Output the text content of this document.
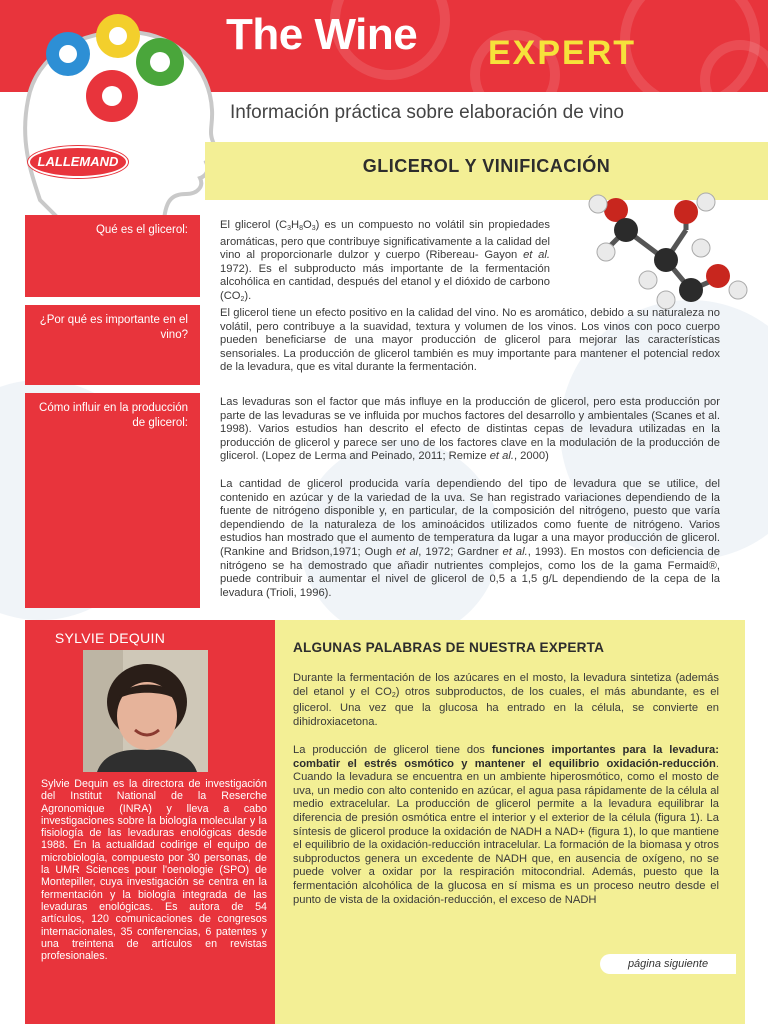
The Wine EXPERT
Información práctica sobre elaboración de vino
GLICEROL Y VINIFICACIÓN
LALLEMAND
Qué es el glicerol:
¿Por qué es importante en el vino?
Cómo influir en la producción de glicerol:
El glicerol $(C_3H_8O_3)$ es un compuesto no volátil sin propiedades aromáticas, pero que contribuye significativamente a la calidad del vino al proporcionarle dulzor y cuerpo (Ribereau- Gayon et al. 1972). Es el subproducto más importante de la fermentación alcohólica en cantidad, después del etanol y el dióxido de carbono $(CO_2)$.
El glicerol tiene un efecto positivo en la calidad del vino. No es aromático, debido a su naturaleza no volátil, pero contribuye a la suavidad, textura y volumen de los vinos. Los vinos con poco cuerpo pueden beneficiarse de una mayor producción de glicerol para mejorar las características sensoriales. La producción de glicerol también es muy importante para mantener el potencial redox de la levadura, que es vital durante la fermentación.
Las levaduras son el factor que más influye en la producción de glicerol, pero esta producción por parte de las levaduras se ve influida por muchos factores del desarrollo y ambientales (Scanes et al. 1998). Varios estudios han descrito el efecto de distintas cepas de levadura utilizadas en la producción de glicerol y parece ser uno de los factores clave en la modulación de la producción de glicerol. (Lopez de Lerma and Peinado, 2011; Remize et al., 2000)
La cantidad de glicerol producida varía dependiendo del tipo de levadura que se utilice, del contenido en azúcar y de la variedad de la uva. Se han registrado variaciones dependiendo de la fuente de nitrógeno disponible y, en particular, de la composición del nitrógeno, puesto que varía dependiendo de la naturaleza de los aminoácidos utilizados como fuente de nitrógeno. Varios estudios han mostrado que el aumento de temperatura da lugar a una mayor producción de glicerol. (Rankine and Bridson,1971; Ough et al, 1972; Gardner et al., 1993). En mostos con deficiencia de nitrógeno se ha demostrado que añadir nutrientes complejos, como los de la gama Fermaid®, puede contribuir a aumentar el nivel de glicerol de 0,5 a 1,5 g/L dependiendo de la cepa de la levadura (Trioli, 1996).
SYLVIE DEQUIN
Sylvie Dequin es la directora de investigación del Institut National de la Reserche Agronomique (INRA) y lleva a cabo investigaciones sobre la biología molecular y la fisiología de las levaduras enológicas desde 1988. En la actualidad codirige el equipo de microbiología, compuesto por 30 personas, de la UMR Sciences pour l'oenologie (SPO) de Montepiller, cuya investigación se centra en la fermentación y la biología integrada de las levaduras enológicas. Es autora de 54 artículos, 120 comunicaciones de congresos internacionales, 35 conferencias, 6 patentes y una treintena de artículos en revistas profesionales.
ALGUNAS PALABRAS DE NUESTRA EXPERTA
Durante la fermentación de los azúcares en el mosto, la levadura sintetiza (además del etanol y el $CO_2$) otros subproductos, de los cuales, el más abundante, es el glicerol. Una vez que la glucosa ha entrado en la célula, se convierte en dihidroxiacetona.
La producción de glicerol tiene dos funciones importantes para la levadura: combatir el estrés osmótico y mantener el equilibrio oxidación-reducción. Cuando la levadura se encuentra en un ambiente hiperosmótico, como el mosto de uva, un medio con alto contenido en azúcar, el agua pasa rápidamente de la célula al medio extracelular. La producción de glicerol permite a la levadura equilibrar la diferencia de presión osmótica entre el interior y el exterior de la célula (figura 1). La síntesis de glicerol produce la oxidación de NADH a NAD+ (figura 1), lo que mantiene el equilibrio de la oxidación-reducción intracelular. La formación de la biomasa y otros subproductos genera un excedente de NADH que, en ausencia de oxígeno, no se puede volver a oxidar por la respiración mitocondrial. Además, puesto que la fermentación alcohólica de la glucosa en sí misma es un proceso neutro desde el punto de vista de la oxidación-reducción, el exceso de NADH
página siguiente
